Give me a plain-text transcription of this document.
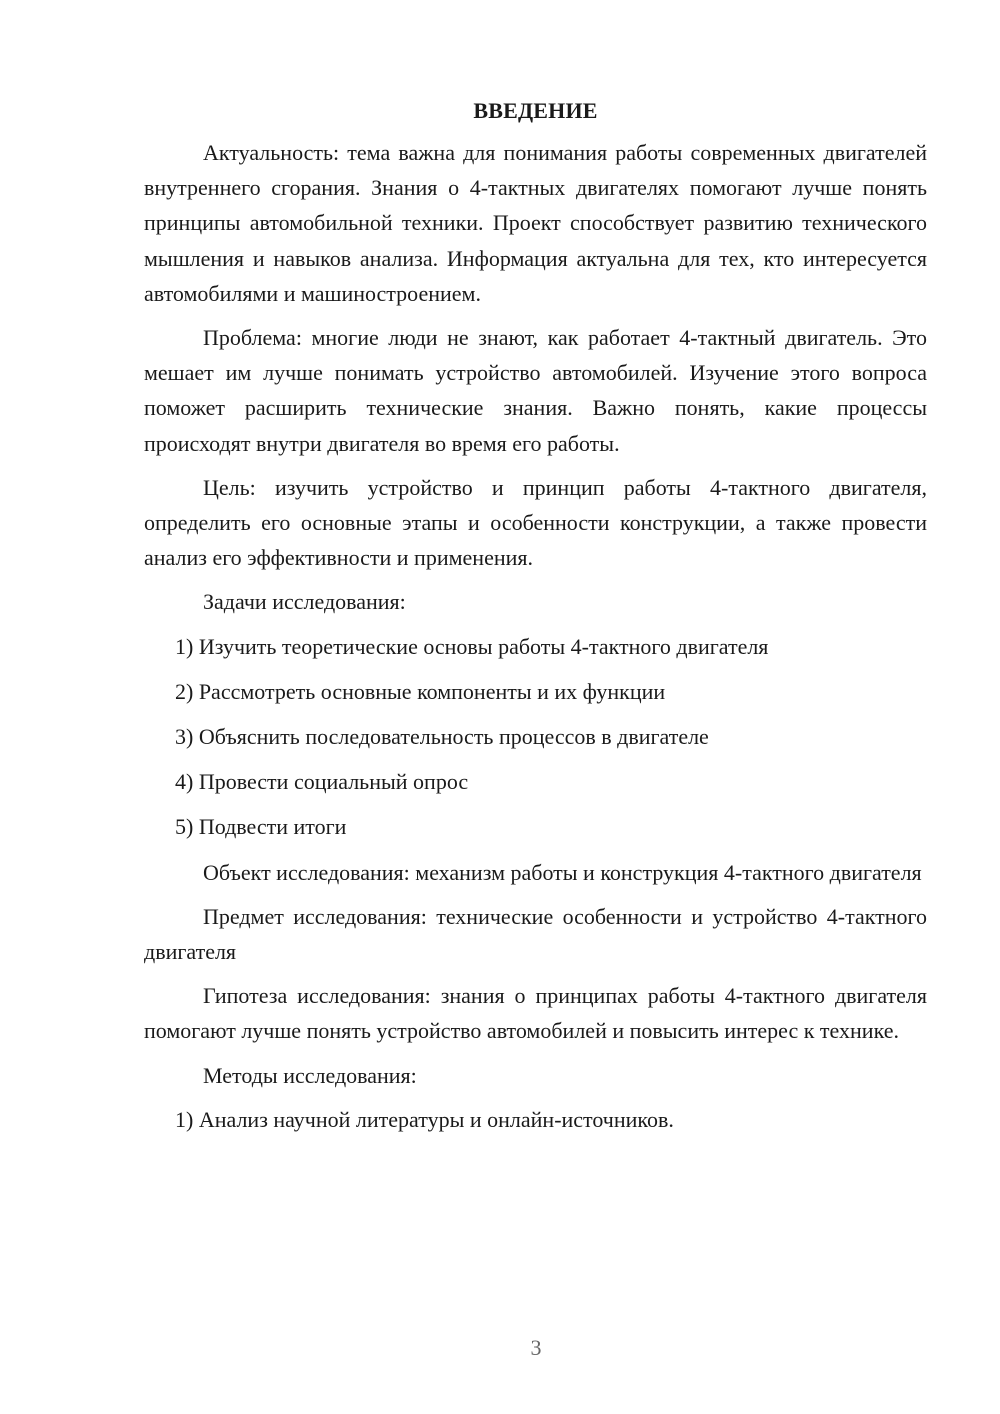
ВВЕДЕНИЕ

Актуальность: тема важна для понимания работы современных двигателей внутреннего сгорания. Знания о 4-тактных двигателях помогают лучше понять принципы автомобильной техники. Проект способствует развитию технического мышления и навыков анализа. Информация актуальна для тех, кто интересуется автомобилями и машиностроением.

Проблема: многие люди не знают, как работает 4-тактный двигатель. Это мешает им лучше понимать устройство автомобилей. Изучение этого вопроса поможет расширить технические знания. Важно понять, какие процессы происходят внутри двигателя во время его работы.

Цель: изучить устройство и принцип работы 4-тактного двигателя, определить его основные этапы и особенности конструкции, а также провести анализ его эффективности и применения.

Задачи исследования:
1) Изучить теоретические основы работы 4-тактного двигателя
2) Рассмотреть основные компоненты и их функции
3) Объяснить последовательность процессов в двигателе
4) Провести социальный опрос
5) Подвести итоги

Объект исследования: механизм работы и конструкция 4-тактного двигателя

Предмет исследования: технические особенности и устройство 4-тактного двигателя

Гипотеза исследования: знания о принципах работы 4-тактного двигателя помогают лучше понять устройство автомобилей и повысить интерес к технике.

Методы исследования:
1) Анализ научной литературы и онлайн-источников.
3
